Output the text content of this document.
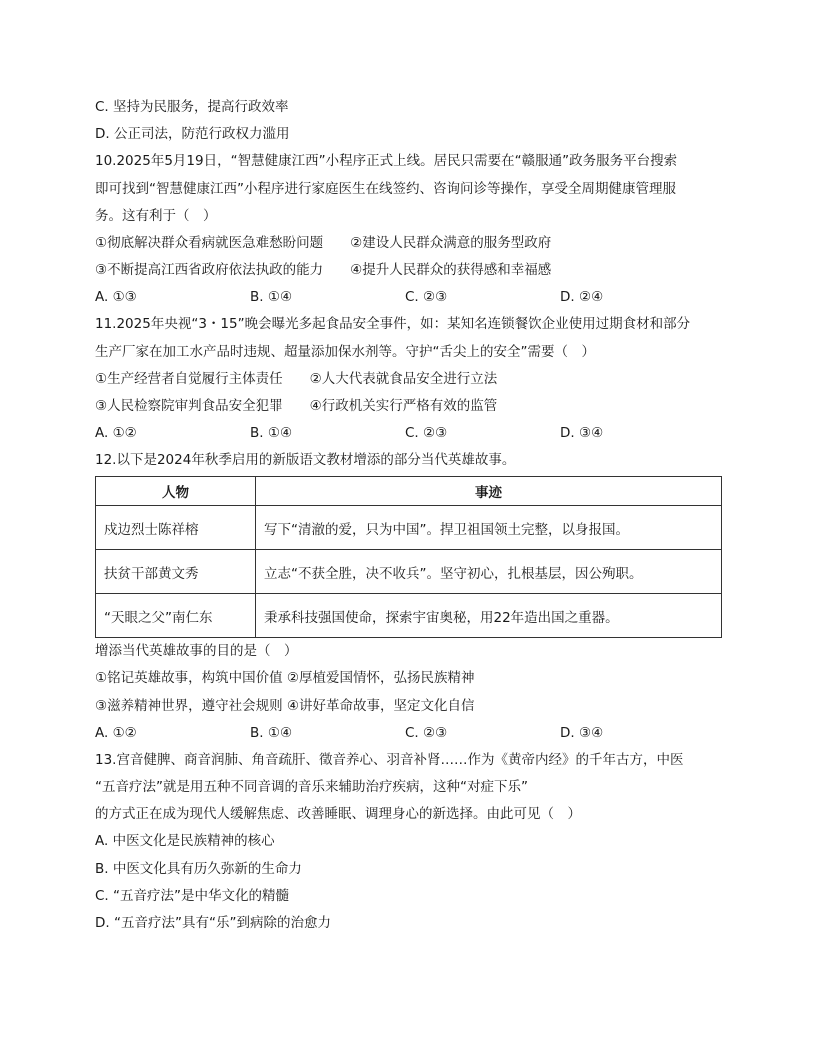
C. 坚持为民服务，提高行政效率
D. 公正司法，防范行政权力滥用
10.2025年5月19日，“智慧健康江西”小程序正式上线。居民只需要在“赣服通”政务服务平台搜索
即可找到“智慧健康江西”小程序进行家庭医生在线签约、咨询问诊等操作，享受全周期健康管理服
务。这有利于（　）
①彻底解决群众看病就医急难愁盼问题　　②建设人民群众满意的服务型政府
③不断提高江西省政府依法执政的能力　　④提升人民群众的获得感和幸福感
A. ①③	B. ①④	C. ②③	D. ②④
11.2025年央视“3・15”晚会曝光多起食品安全事件，如：某知名连锁餐饮企业使用过期食材和部分
生产厂家在加工水产品时违规、超量添加保水剂等。守护“舌尖上的安全”需要（　）
①生产经营者自觉履行主体责任　　②人大代表就食品安全进行立法
③人民检察院审判食品安全犯罪　　④行政机关实行严格有效的监管
A. ①②	B. ①④	C. ②③	D. ③④
12.以下是2024年秋季启用的新版语文教材增添的部分当代英雄故事。
人物	事迹
戍边烈士陈祥榕	写下“清澈的爱，只为中国”。捍卫祖国领土完整，以身报国。
扶贫干部黄文秀	立志“不获全胜，决不收兵”。坚守初心，扎根基层，因公殉职。
“天眼之父”南仁东	秉承科技强国使命，探索宇宙奥秘，用22年造出国之重器。
增添当代英雄故事的目的是（　）
①铭记英雄故事，构筑中国价值 ②厚植爱国情怀，弘扬民族精神
③滋养精神世界，遵守社会规则 ④讲好革命故事，坚定文化自信
A. ①②	B. ①④	C. ②③	D. ③④
13.宫音健脾、商音润肺、角音疏肝、徵音养心、羽音补肾……作为《黄帝内经》的千年古方，中医
“五音疗法”就是用五种不同音调的音乐来辅助治疗疾病，这种“对症下乐”
的方式正在成为现代人缓解焦虑、改善睡眠、调理身心的新选择。由此可见（　）
A. 中医文化是民族精神的核心
B. 中医文化具有历久弥新的生命力
C. “五音疗法”是中华文化的精髓
D. “五音疗法”具有“乐”到病除的治愈力
